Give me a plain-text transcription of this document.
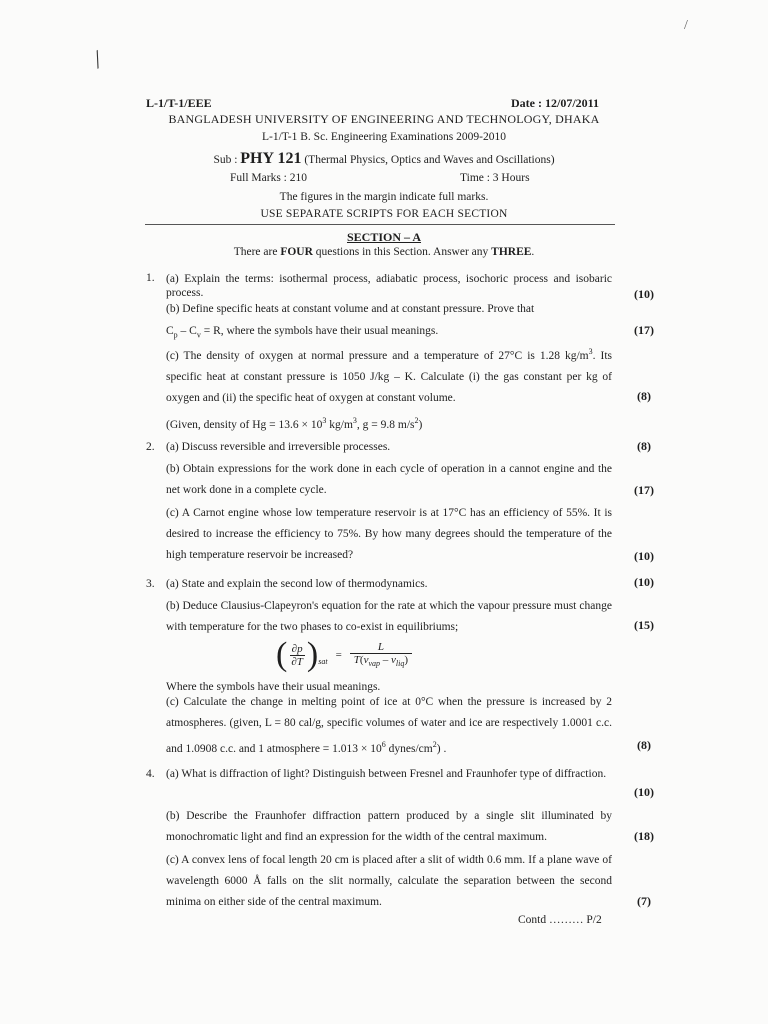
╱
/
L-1/T-1/EEE	Date : 12/07/2011
BANGLADESH UNIVERSITY OF ENGINEERING AND TECHNOLOGY, DHAKA
L-1/T-1 B. Sc. Engineering Examinations 2009-2010
Sub : PHY 121 (Thermal Physics, Optics and Waves and Oscillations)
Full Marks : 210	Time : 3 Hours
The figures in the margin indicate full marks.
USE SEPARATE SCRIPTS FOR EACH SECTION
SECTION – A
There are FOUR questions in this Section. Answer any THREE.
1. (a) Explain the terms: isothermal process, adiabatic process, isochoric process and isobaric process.	(10)
(b) Define specific heats at constant volume and at constant pressure. Prove that
$C_p - C_v = R$, where the symbols have their usual meanings.	(17)
(c) The density of oxygen at normal pressure and a temperature of 27°C is 1.28 $kg/m^3$. Its specific heat at constant pressure is 1050 J/kg – K. Calculate (i) the gas constant per kg of oxygen and (ii) the specific heat of oxygen at constant volume.	(8)
(Given, density of $Hg = 13.6 \times 10^3$ $kg/m^3$, g = 9.8 $m/s^2$)
2. (a) Discuss reversible and irreversible processes.	(8)
(b) Obtain expressions for the work done in each cycle of operation in a cannot engine and the net work done in a complete cycle.	(17)
(c) A Carnot engine whose low temperature reservoir is at 17°C has an efficiency of 55%. It is desired to increase the efficiency to 75%. By how many degrees should the temperature of the high temperature reservoir be increased?	(10)
3. (a) State and explain the second low of thermodynamics.	(10)
(b) Deduce Clausius-Clapeyron's equation for the rate at which the vapour pressure must change with temperature for the two phases to co-exist in equilibriums;	(15)
( $\frac{\partial p}{\partial T} )_{sat}$
= $\frac{L}{T(v_{vap} - v_{liq})}$
Where the symbols have their usual meanings.
(c) Calculate the change in melting point of ice at 0°C when the pressure is increased by 2 atmospheres. (given, L = 80 cal/g, specific volumes of water and ice are respectively 1.0001 c.c. and 1.0908 c.c. and 1 atmosphere = $1.013 \times 10^6$ dynes/$cm^2$) .	(8)
4. (a) What is diffraction of light? Distinguish between Fresnel and Fraunhofer type of diffraction.
(10)
(b) Describe the Fraunhofer diffraction pattern produced by a single slit illuminated by monochromatic light and find an expression for the width of the central maximum.	(18)
(c) A convex lens of focal length 20 cm is placed after a slit of width 0.6 mm. If a plane wave of wavelength 6000 Å falls on the slit normally, calculate the separation between the second minima on either side of the central maximum.	(7)
Contd ……… P/2
